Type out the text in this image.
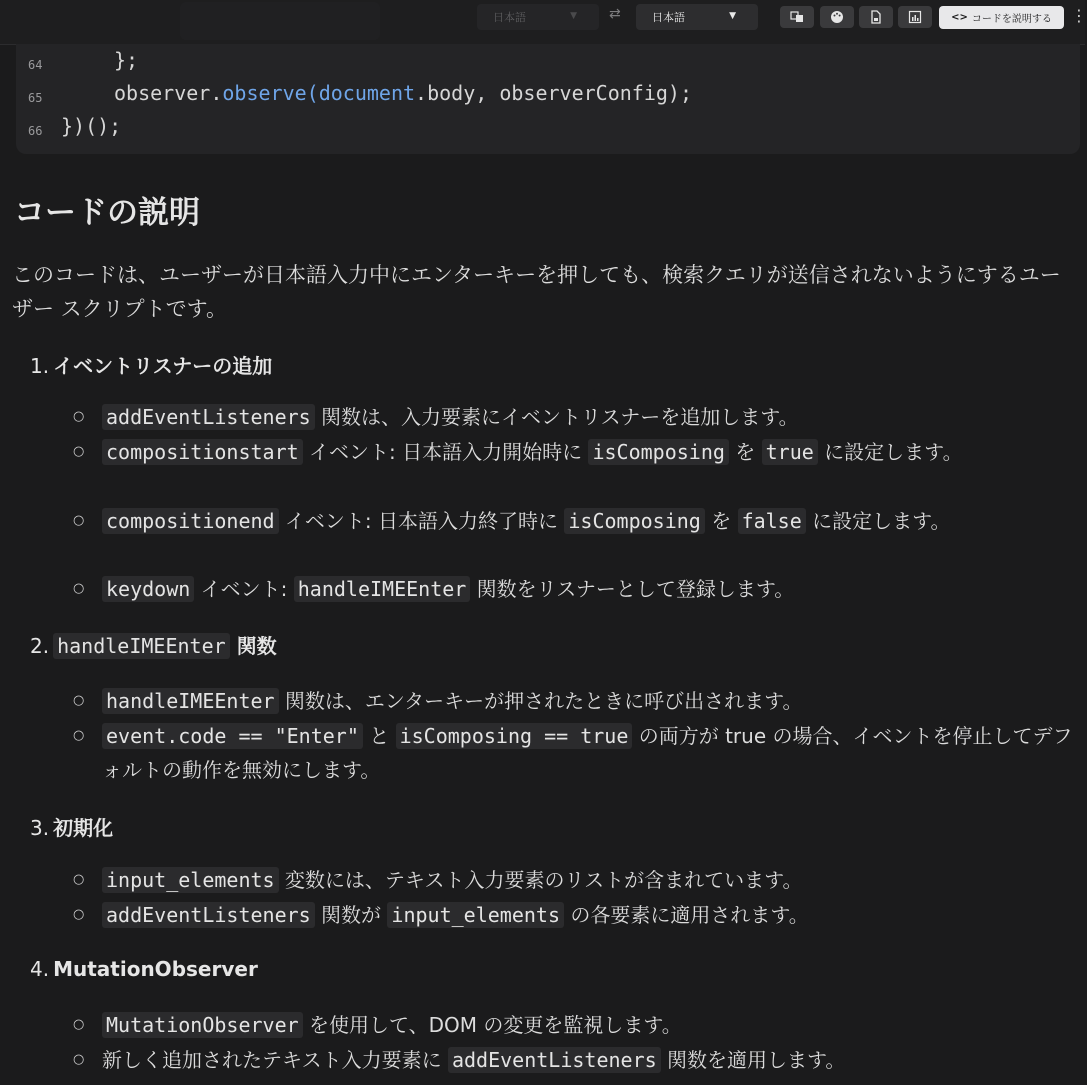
日本語	▼ ⇄	日本語	▼	<> コードを説明する ⋮
64	};
65	observer.observe(document.body, observerConfig);
66 })();
コードの説明
このコードは、ユーザーが日本語入力中にエンターキーを押しても、検索クエリが送信されないようにするユーザー スクリプトです。
1. イベントリスナーの追加
○	addEventListeners 関数は、入力要素にイベントリスナーを追加します。
○	compositionstart イベント: 日本語入力開始時に isComposing を true に設定します。
○	compositionend イベント: 日本語入力終了時に isComposing を false に設定します。
○	keydown イベント: handleIMEEnter 関数をリスナーとして登録します。
2. handleIMEEnter 関数
○	handleIMEEnter 関数は、エンターキーが押されたときに呼び出されます。
○	event.code == "Enter" と isComposing == true の両方が true の場合、イベントを停止してデフォルトの動作を無効にします。
3. 初期化
○	input_elements 変数には、テキスト入力要素のリストが含まれています。
○	addEventListeners 関数が input_elements の各要素に適用されます。
4. MutationObserver
○	MutationObserver を使用して、DOM の変更を監視します。
○ 新しく追加されたテキスト入力要素に addEventListeners 関数を適用します。
